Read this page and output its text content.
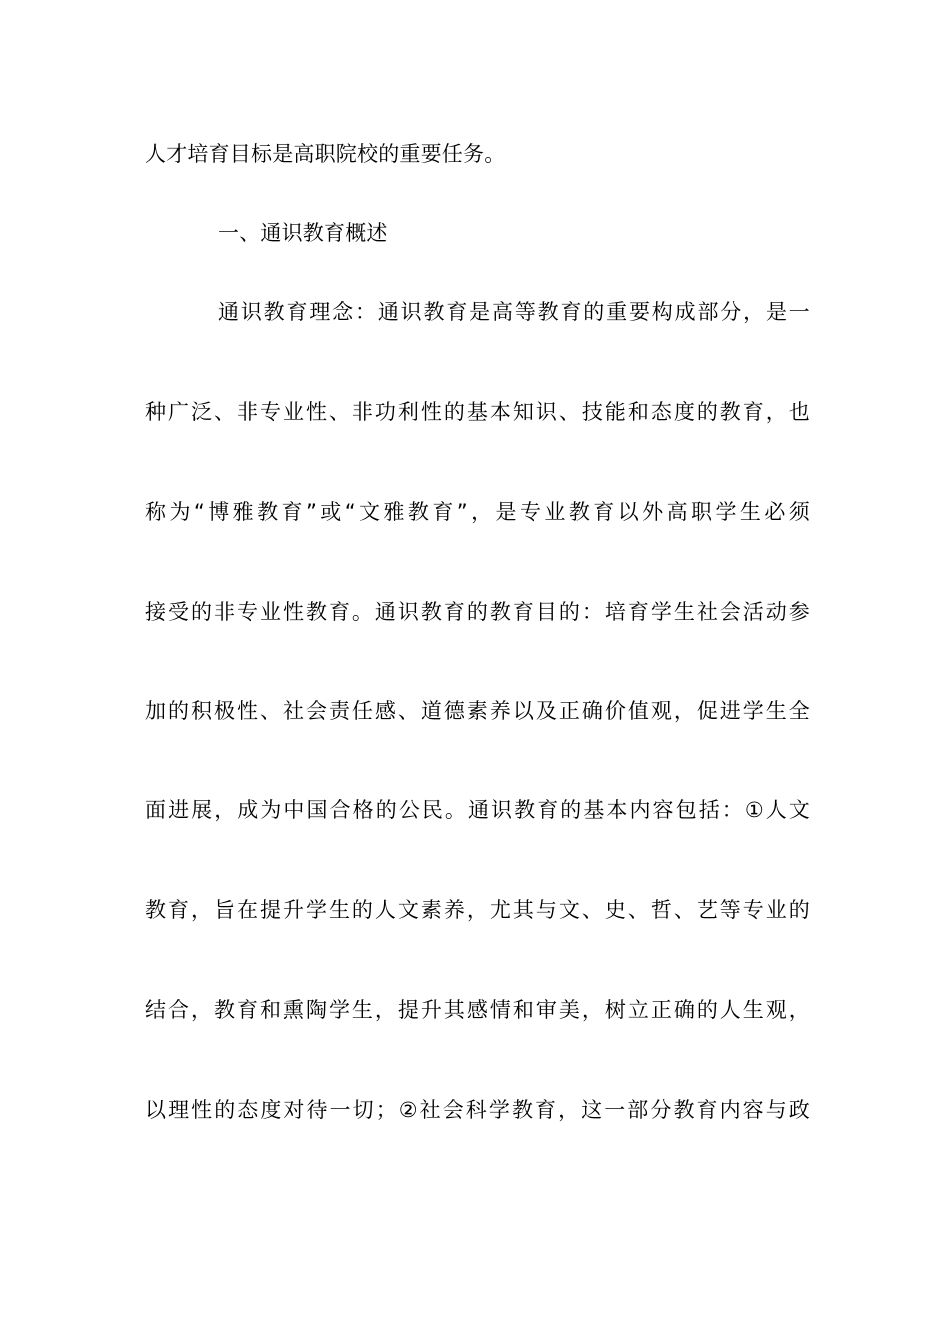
人才培育目标是高职院校的重要任务。
一、通识教育概述
通识教育理念：通识教育是高等教育的重要构成部分，是一
种广泛、非专业性、非功利性的基本知识、技能和态度的教育，也
称为“博雅教育”或“文雅教育”，是专业教育以外高职学生必须
接受的非专业性教育。通识教育的教育目的：培育学生社会活动参
加的积极性、社会责任感、道德素养以及正确价值观，促进学生全
面进展，成为中国合格的公民。通识教育的基本内容包括：①人文
教育，旨在提升学生的人文素养，尤其与文、史、哲、艺等专业的
结合，教育和熏陶学生，提升其感情和审美，树立正确的人生观，
以理性的态度对待一切；②社会科学教育，这一部分教育内容与政
